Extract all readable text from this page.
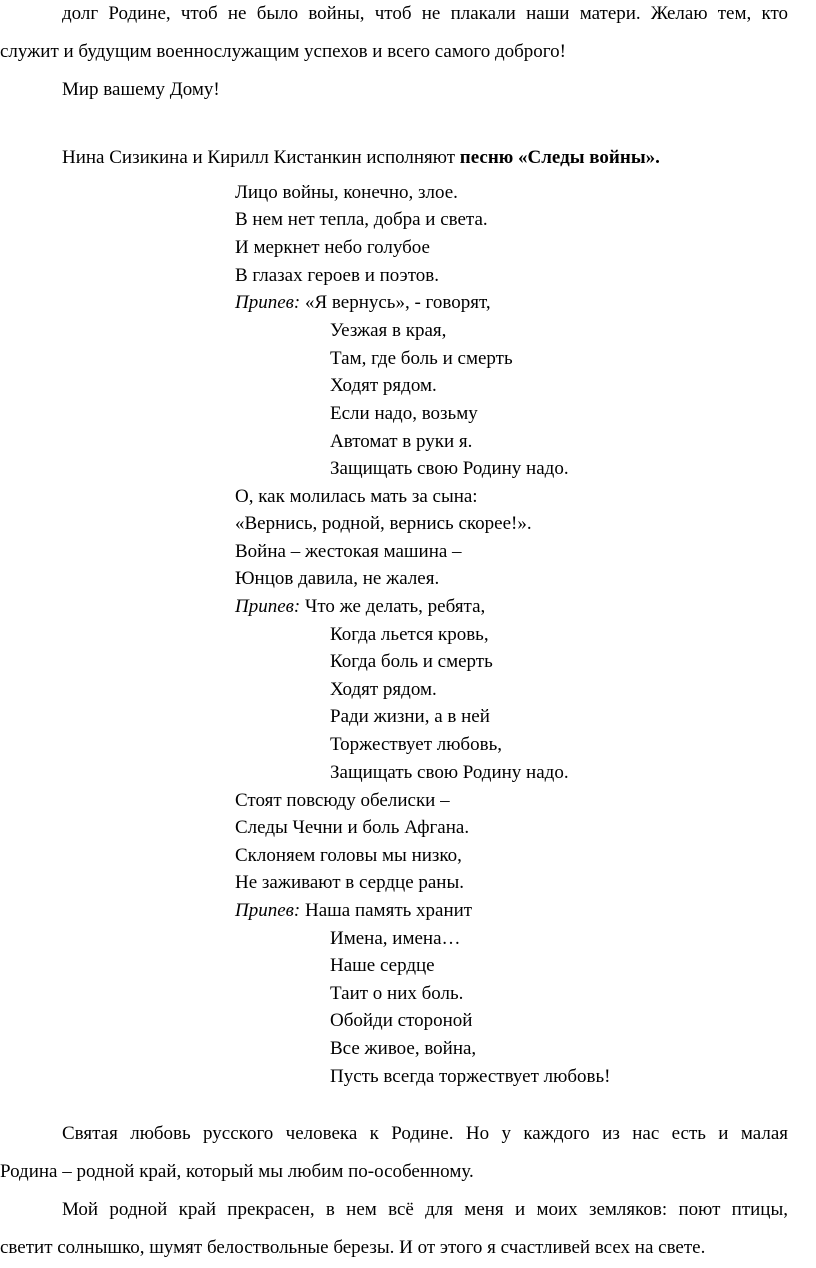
долг Родине, чтоб не было войны, чтоб не плакали наши матери. Желаю тем, кто
служит и будущим военнослужащим успехов и всего самого доброго!
Мир вашему Дому!
Нина Сизикина и Кирилл Кистанкин исполняют песню «Следы войны».
Лицо войны, конечно, злое.
В нем нет тепла, добра и света.
И меркнет небо голубое
В глазах героев и поэтов.
Припев: «Я вернусь», - говорят,
Уезжая в края,
Там, где боль и смерть
Ходят рядом.
Если надо, возьму
Автомат в руки я.
Защищать свою Родину надо.
О, как молилась мать за сына:
«Вернись, родной, вернись скорее!».
Война – жестокая машина –
Юнцов давила, не жалея.
Припев: Что же делать, ребята,
Когда льется кровь,
Когда боль и смерть
Ходят рядом.
Ради жизни, а в ней
Торжествует любовь,
Защищать свою Родину надо.
Стоят повсюду обелиски –
Следы Чечни и боль Афгана.
Склоняем головы мы низко,
Не заживают в сердце раны.
Припев: Наша память хранит
Имена, имена…
Наше сердце
Таит о них боль.
Обойди стороной
Все живое, война,
Пусть всегда торжествует любовь!
Святая любовь русского человека к Родине. Но у каждого из нас есть и малая
Родина – родной край, который мы любим по-особенному.
Мой родной край прекрасен, в нем всё для меня и моих земляков: поют птицы,
светит солнышко, шумят белоствольные березы. И от этого я счастливей всех на свете.
